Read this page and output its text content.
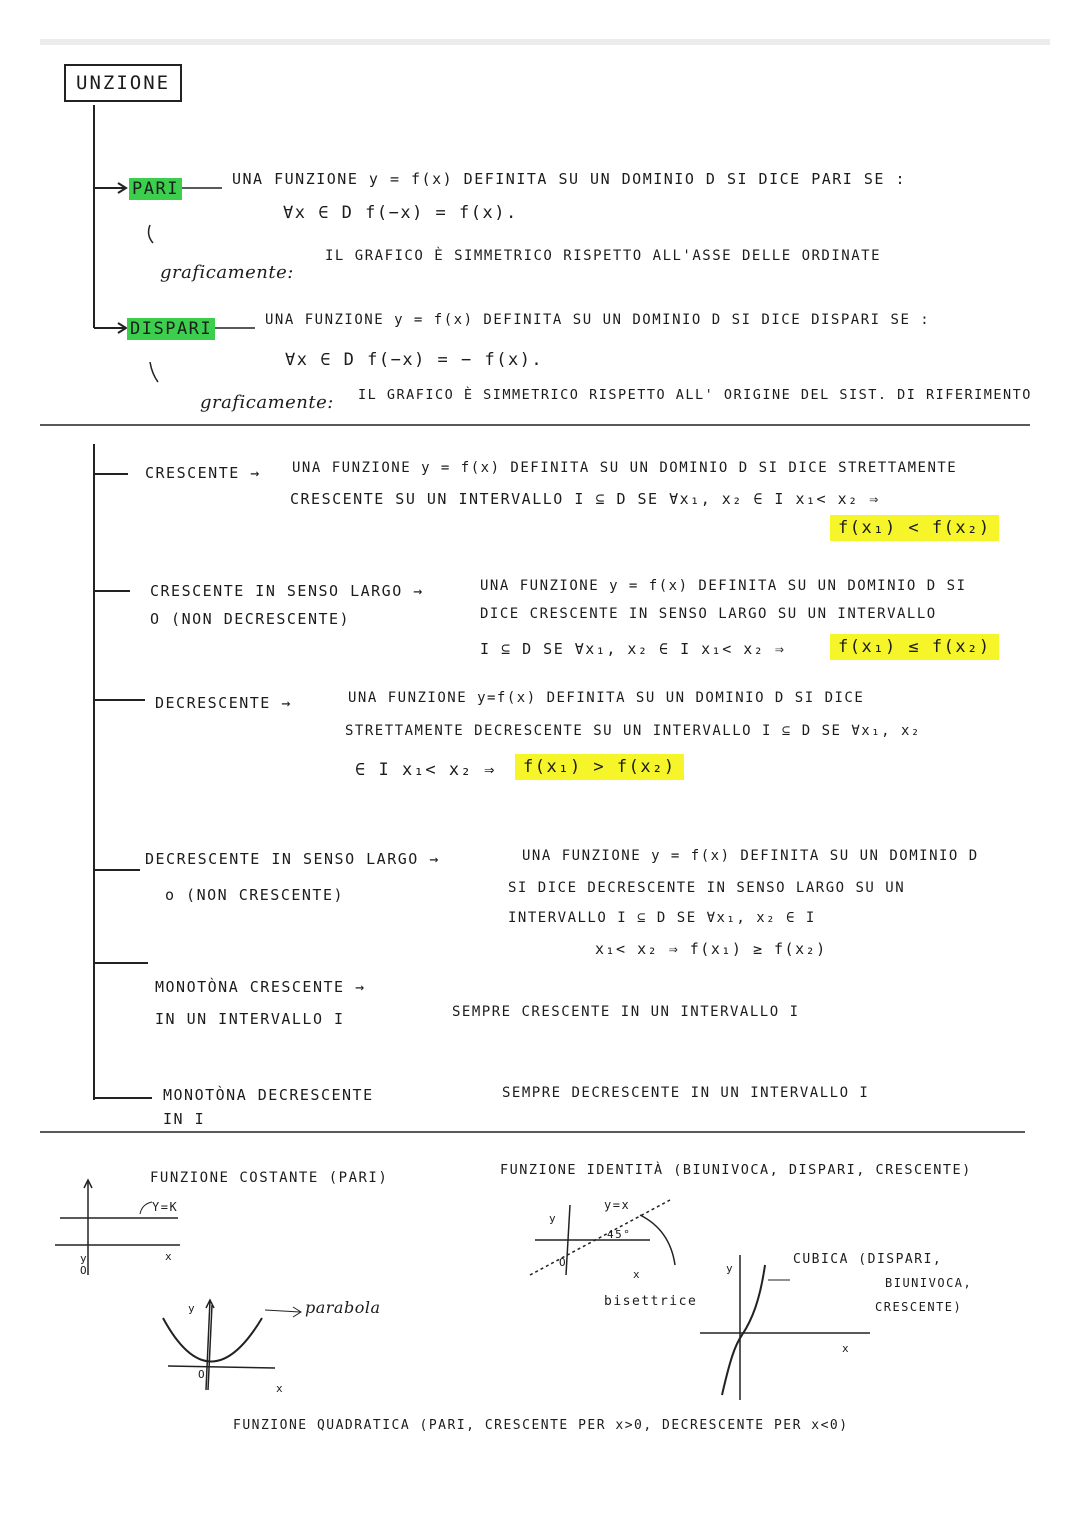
UNZIONE
PARI	UNA FUNZIONE y = f(x) DEFINITA SU UN DOMINIO D SI DICE PARI SE :
∀x ∈ D f(−x) = f(x).
graficamente:
IL GRAFICO È SIMMETRICO RISPETTO ALL'ASSE DELLE ORDINATE
DISPARI	UNA FUNZIONE y = f(x) DEFINITA SU UN DOMINIO D SI DICE DISPARI SE :
∀x ∈ D f(−x) = − f(x).
graficamente: IL GRAFICO È SIMMETRICO RISPETTO ALL' ORIGINE DEL SIST. DI RIFERIMENTO
CRESCENTE → UNA FUNZIONE y = f(x) DEFINITA SU UN DOMINIO D SI DICE STRETTAMENTE
CRESCENTE SU UN INTERVALLO I ⊆ D SE ∀x₁, x₂ ∈ I x₁< x₂ ⇒
f(x₁) < f(x₂)
CRESCENTE IN SENSO LARGO →
O (NON DECRESCENTE)
UNA FUNZIONE y = f(x) DEFINITA SU UN DOMINIO D SI
DICE CRESCENTE IN SENSO LARGO SU UN INTERVALLO
I ⊆ D SE ∀x₁, x₂ ∈ I x₁< x₂ ⇒	f(x₁) ≤ f(x₂)
DECRESCENTE →	UNA FUNZIONE y=f(x) DEFINITA SU UN DOMINIO D SI DICE
STRETTAMENTE DECRESCENTE SU UN INTERVALLO I ⊆ D SE ∀x₁, x₂
∈ I x₁< x₂ ⇒	f(x₁) > f(x₂)
DECRESCENTE IN SENSO LARGO →
o (NON CRESCENTE)
UNA FUNZIONE y = f(x) DEFINITA SU UN DOMINIO D
SI DICE DECRESCENTE IN SENSO LARGO SU UN
INTERVALLO I ⊆ D SE ∀x₁, x₂ ∈ I
x₁< x₂ ⇒ f(x₁) ≥ f(x₂)
MONOTÒNA CRESCENTE →
IN UN INTERVALLO I	SEMPRE CRESCENTE IN UN INTERVALLO I
MONOTÒNA DECRESCENTE
IN I
SEMPRE DECRESCENTE IN UN INTERVALLO I
FUNZIONE COSTANTE (PARI)
Y=K
y
O
x
FUNZIONE IDENTITÀ (BIUNIVOCA, DISPARI, CRESCENTE)
y=x
45°
y
O
x
bisettrice
parabola
y
O
x
CUBICA (DISPARI,
BIUNIVOCA,
CRESCENTE)
y
x
FUNZIONE QUADRATICA (PARI, CRESCENTE PER x>0, DECRESCENTE PER x<0)
